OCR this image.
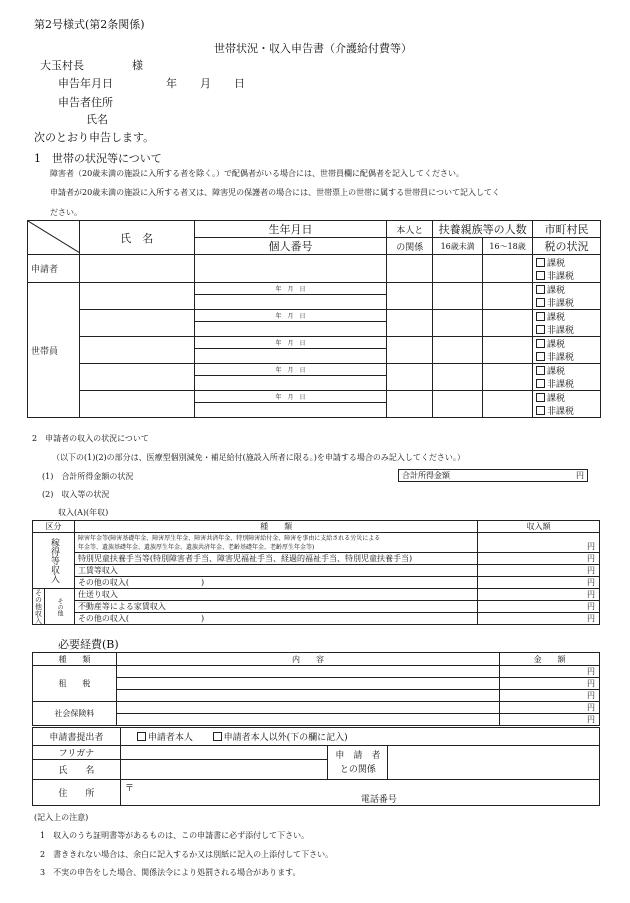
第2号様式(第2条関係)
世帯状況・収入申告書（介護給付費等）
大玉村長	様
申告年月日	年 月 日
申告者住所
氏名
次のとおり申告します。
1　世帯の状況等について
障害者（20歳未満の施設に入所する者を除く。）で配偶者がいる場合には、世帯員欄に配偶者を記入してください。
申請者が20歳未満の施設に入所する者又は、障害児の保護者の場合には、世帯票上の世帯に属する世帯員について記入してく
ださい。
	氏　名	生年月日	本人と	扶養親族等の人数		市町村民
		個人番号	の関係	16歳未満	16～18歳	税の状況
申請者						課税
非課税

世帯員		年　月　日				課税
非課税

		年　月　日				課税
非課税

		年　月　日				課税
非課税

		年　月　日				課税
非課税

		年　月　日				課税
非課税

2　申請者の収入の状況について
（以下の(1)(2)の部分は、医療型個別減免・補足給付(施設入所者に限る。)を申請する場合のみ記入してください。）
(1)　合計所得金額の状況	合計所得金額	円
(2)　収入等の状況
収入(A)(年収)
区分		種　　類	収入額

稼得等収入		障害年金等(障害基礎年金、障害厚生年金、障害共済年金、特別障害給付金、障害を事由に支給される労災による
年金等、遺族基礎年金、遺族厚生年金、遺族共済年金、老齢基礎年金、老齢厚生年金等)	円
		特別児童扶養手当等(特別障害者手当、障害児福祉手当、経過的福祉手当、特別児童扶養手当)	円
		工賃等収入	円
		その他の収入(　　　　　　　　　)	円

その他収入	その他	仕送り収入	円
		不動産等による家賃収入	円
		その他の収入(　　　　　　　　　)	円
必要経費(B)
種　　類	内　　容	金　　額
租　　税		円
		円
		円
社会保険料		円
		円
申請書提出者	申請者本人 申請者本人以外(下の欄に記入)		
フリガナ		申　請　者
との関係	

氏　　名			
住　　所	〒
電話番号		
(記入上の注意)
1　収入のうち証明書等があるものは、この申請書に必ず添付して下さい。
2　書ききれない場合は、余白に記入するか又は別紙に記入の上添付して下さい。
3　不実の申告をした場合、関係法令により処罰される場合があります。
